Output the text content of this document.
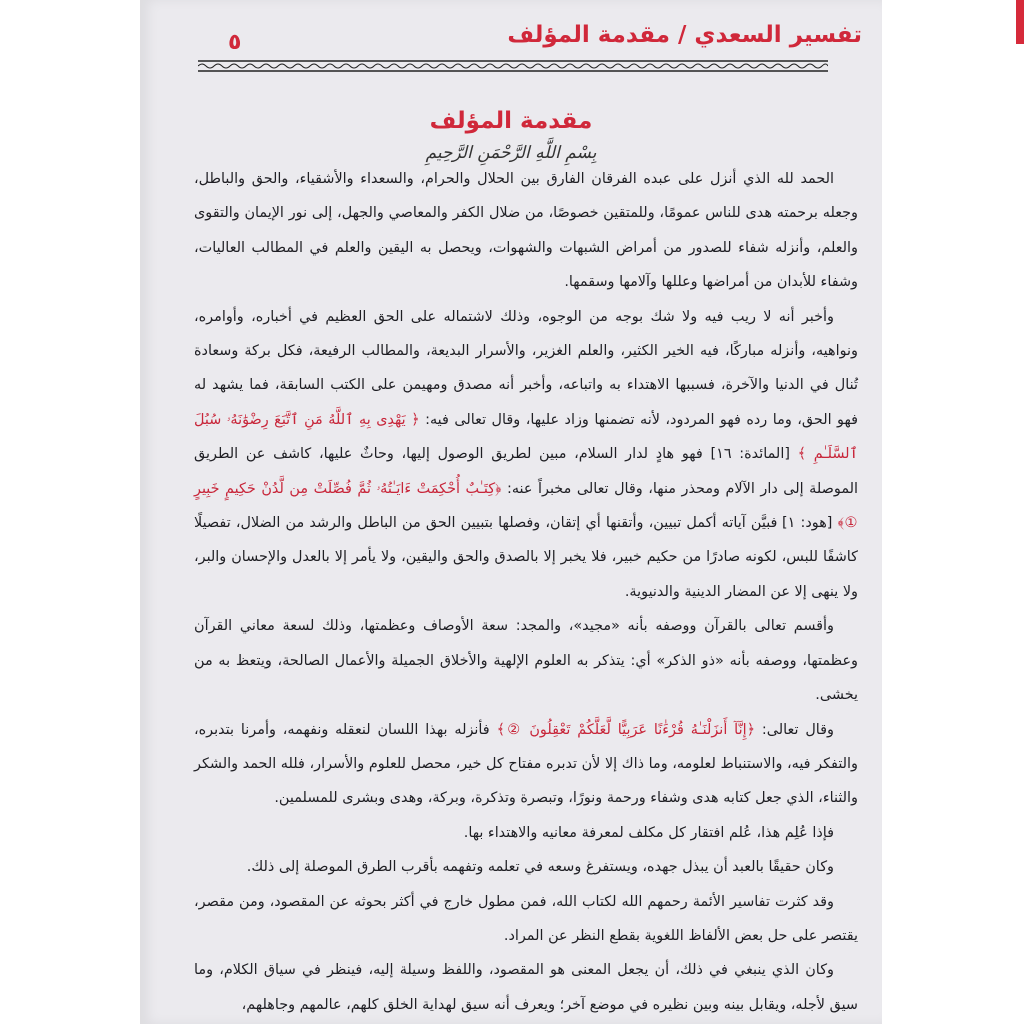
تفسير السعدي / مقدمة المؤلف
٥
مقدمة المؤلف
بِسْمِ اللَّهِ الرَّحْمَنِ الرَّحِيمِ

الحمد لله الذي أنزل على عبده الفرقان الفارق بين الحلال والحرام، والسعداء والأشقياء، والحق والباطل، وجعله برحمته هدى للناس عمومًا، وللمتقين خصوصًا، من ضلال الكفر والمعاصي والجهل، إلى نور الإيمان والتقوى والعلم، وأنزله شفاء للصدور من أمراض الشبهات والشهوات، ويحصل به اليقين والعلم في المطالب العاليات، وشفاء للأبدان من أمراضها وعللها وآلامها وسقمها.

وأخبر أنه لا ريب فيه ولا شك بوجه من الوجوه، وذلك لاشتماله على الحق العظيم في أخباره، وأوامره، ونواهيه، وأنزله مباركًا، فيه الخير الكثير، والعلم الغزير، والأسرار البديعة، والمطالب الرفيعة، فكل بركة وسعادة تُنال في الدنيا والآخرة، فسببها الاهتداء به واتباعه، وأخبر أنه مصدق ومهيمن على الكتب السابقة، فما يشهد له فهو الحق، وما رده فهو المردود، لأنه تضمنها وزاد عليها، وقال تعالى فيه: ﴿ يَهْدِى بِهِ ٱللَّهُ مَنِ ٱتَّبَعَ رِضْوَٰنَهُۥ سُبُلَ ٱلسَّلَـٰمِ ﴾ [المائدة: ١٦] فهو هادٍ لدار السلام، مبين لطريق الوصول إليها، وحاثٌ عليها، كاشف عن الطريق الموصلة إلى دار الآلام ومحذر منها، وقال تعالى مخبراً عنه: ﴿كِتَـٰبٌ أُحْكِمَتْ ءَايَـٰتُهُۥ ثُمَّ فُصِّلَتْ مِن لَّدُنْ حَكِيمٍ خَبِيرٍ ①﴾ [هود: ١] فبيَّن آياته أكمل تبيين، وأتقنها أي إتقان، وفصلها بتبيين الحق من الباطل والرشد من الضلال، تفصيلًا كاشفًا للبس، لكونه صادرًا من حكيم خبير، فلا يخبر إلا بالصدق والحق واليقين، ولا يأمر إلا بالعدل والإحسان والبر، ولا ينهى إلا عن المضار الدينية والدنيوية.

وأقسم تعالى بالقرآن ووصفه بأنه «مجيد»، والمجد: سعة الأوصاف وعظمتها، وذلك لسعة معاني القرآن وعظمتها، ووصفه بأنه «ذو الذكر» أي: يتذكر به العلوم الإلهية والأخلاق الجميلة والأعمال الصالحة، ويتعظ به من يخشى.

وقال تعالى: ﴿إِنَّآ أَنزَلْنَـٰهُ قُرْءَٰنًا عَرَبِيًّا لَّعَلَّكُمْ تَعْقِلُونَ ②﴾ فأنزله بهذا اللسان لنعقله ونفهمه، وأمرنا بتدبره، والتفكر فيه، والاستنباط لعلومه، وما ذاك إلا لأن تدبره مفتاح كل خير، محصل للعلوم والأسرار، فلله الحمد والشكر والثناء، الذي جعل كتابه هدى وشفاء ورحمة ونورًا، وتبصرة وتذكرة، وبركة، وهدى وبشرى للمسلمين.

فإذا عُلِم هذا، عُلم افتقار كل مكلف لمعرفة معانيه والاهتداء بها.

وكان حقيقًا بالعبد أن يبذل جهده، ويستفرغ وسعه في تعلمه وتفهمه بأقرب الطرق الموصلة إلى ذلك.

وقد كثرت تفاسير الأئمة رحمهم الله لكتاب الله، فمن مطول خارج في أكثر بحوثه عن المقصود، ومن مقصر، يقتصر على حل بعض الألفاظ اللغوية بقطع النظر عن المراد.

وكان الذي ينبغي في ذلك، أن يجعل المعنى هو المقصود، واللفظ وسيلة إليه، فينظر في سياق الكلام، وما سيق لأجله، ويقابل بينه وبين نظيره في موضع آخر؛ ويعرف أنه سيق لهداية الخلق كلهم، عالمهم وجاهلهم،
